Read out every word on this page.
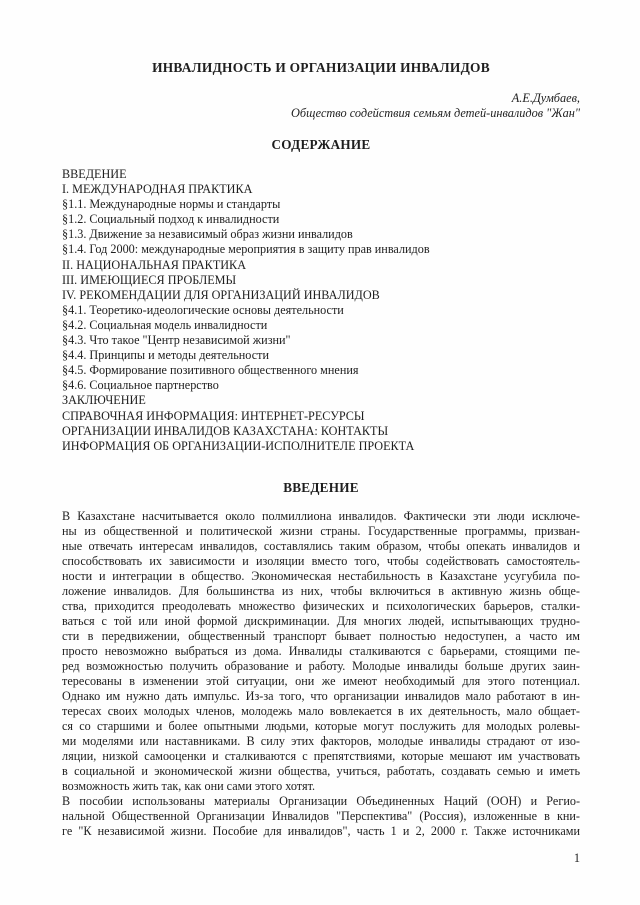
ИНВАЛИДНОСТЬ И ОРГАНИЗАЦИИ ИНВАЛИДОВ
А.Е.Думбаев,
Общество содействия семьям детей-инвалидов "Жан"
СОДЕРЖАНИЕ
ВВЕДЕНИЕ
I. МЕЖДУНАРОДНАЯ ПРАКТИКА
§1.1. Международные нормы и стандарты
§1.2. Социальный подход к инвалидности
§1.3. Движение за независимый образ жизни инвалидов
§1.4. Год 2000: международные мероприятия в защиту прав инвалидов
II. НАЦИОНАЛЬНАЯ ПРАКТИКА
III. ИМЕЮЩИЕСЯ ПРОБЛЕМЫ
IV. РЕКОМЕНДАЦИИ ДЛЯ ОРГАНИЗАЦИЙ ИНВАЛИДОВ
§4.1. Теоретико-идеологические основы деятельности
§4.2. Социальная модель инвалидности
§4.3. Что такое "Центр независимой жизни"
§4.4. Принципы и методы деятельности
§4.5. Формирование позитивного общественного мнения
§4.6. Социальное партнерство
ЗАКЛЮЧЕНИЕ
СПРАВОЧНАЯ ИНФОРМАЦИЯ: ИНТЕРНЕТ-РЕСУРСЫ
ОРГАНИЗАЦИИ ИНВАЛИДОВ КАЗАХСТАНА: КОНТАКТЫ
ИНФОРМАЦИЯ ОБ ОРГАНИЗАЦИИ-ИСПОЛНИТЕЛЕ ПРОЕКТА
ВВЕДЕНИЕ
В Казахстане насчитывается около полмиллиона инвалидов. Фактически эти люди исключе-
ны из общественной и политической жизни страны. Государственные программы, призван-
ные отвечать интересам инвалидов, составлялись таким образом, чтобы опекать инвалидов и
способствовать их зависимости и изоляции вместо того, чтобы содействовать самостоятель-
ности и интеграции в общество. Экономическая нестабильность в Казахстане усугубила по-
ложение инвалидов. Для большинства из них, чтобы включиться в активную жизнь обще-
ства, приходится преодолевать множество физических и психологических барьеров, сталки-
ваться с той или иной формой дискриминации. Для многих людей, испытывающих трудно-
сти в передвижении, общественный транспорт бывает полностью недоступен, а часто им
просто невозможно выбраться из дома. Инвалиды сталкиваются с барьерами, стоящими пе-
ред возможностью получить образование и работу. Молодые инвалиды больше других заин-
тересованы в изменении этой ситуации, они же имеют необходимый для этого потенциал.
Однако им нужно дать импульс. Из-за того, что организации инвалидов мало работают в ин-
тересах своих молодых членов, молодежь мало вовлекается в их деятельность, мало общает-
ся со старшими и более опытными людьми, которые могут послужить для молодых ролевы-
ми моделями или наставниками. В силу этих факторов, молодые инвалиды страдают от изо-
ляции, низкой самооценки и сталкиваются с препятствиями, которые мешают им участвовать
в социальной и экономической жизни общества, учиться, работать, создавать семью и иметь
возможность жить так, как они сами этого хотят.
В пособии использованы материалы Организации Объединенных Наций (ООН) и Регио-
нальной Общественной Организации Инвалидов "Перспектива" (Россия), изложенные в кни-
ге "К независимой жизни. Пособие для инвалидов", часть 1 и 2, 2000 г. Также источниками
1
